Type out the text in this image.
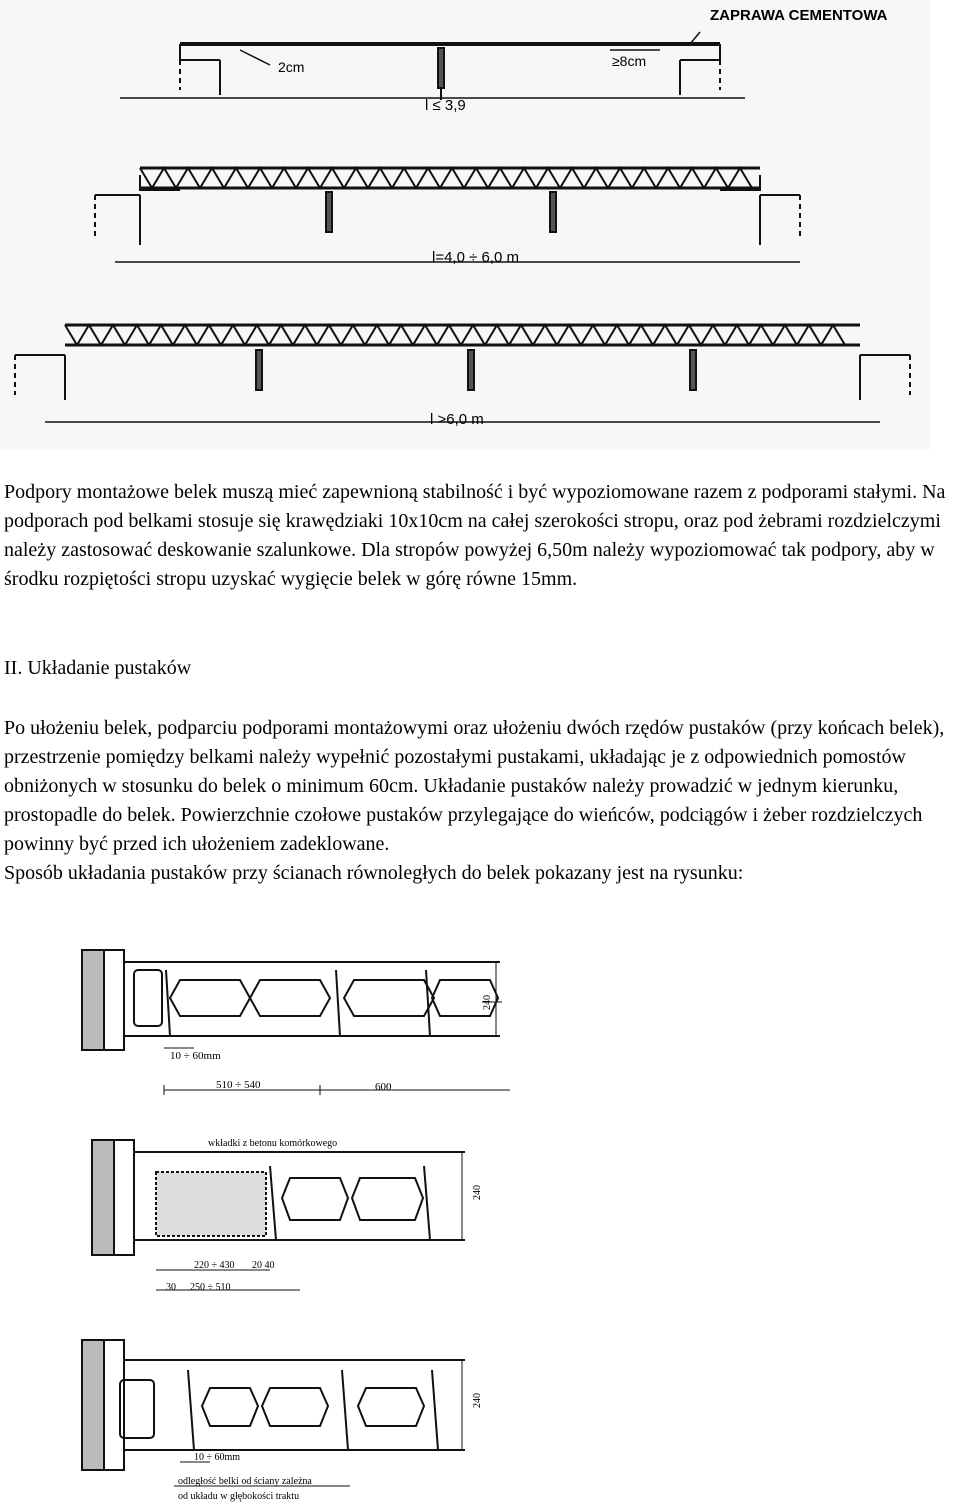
ZAPRAWA CEMENTOWA
2cm	≥8cm
l ≤ 3,9
l=4,0 ÷ 6,0 m
l >6,0 m

Podpory montażowe belek muszą mieć zapewnioną stabilność i być wypoziomowane razem z podporami stałymi. Na podporach pod belkami stosuje się krawędziaki 10x10cm na całej szerokości stropu, oraz pod żebrami rozdzielczymi należy zastosować deskowanie szalunkowe. Dla stropów powyżej 6,50m należy wypoziomować tak podpory, aby w środku rozpiętości stropu uzyskać wygięcie belek w górę równe 15mm.

II. Układanie pustaków

Po ułożeniu belek, podparciu podporami montażowymi oraz ułożeniu dwóch rzędów pustaków (przy końcach belek), przestrzenie pomiędzy belkami należy wypełnić pozostałymi pustakami, układając je z odpowiednich pomostów obniżonych w stosunku do belek o minimum 60cm. Układanie pustaków należy prowadzić w jednym kierunku, prostopadle do belek. Powierzchnie czołowe pustaków przylegające do wieńców, podciągów i żeber rozdzielczych powinny być przed ich ułożeniem zadeklowane.

Sposób układania pustaków przy ścianach równoległych do belek pokazany jest na rysunku:

10 ÷ 60mm
510 ÷ 540	600
240
wkładki z betonu komórkowego
220 ÷ 430 20 40
30 250 ÷ 510
240
10 ÷ 60mm
odległość belki od ściany zależna
od układu w głębokości traktu
240
